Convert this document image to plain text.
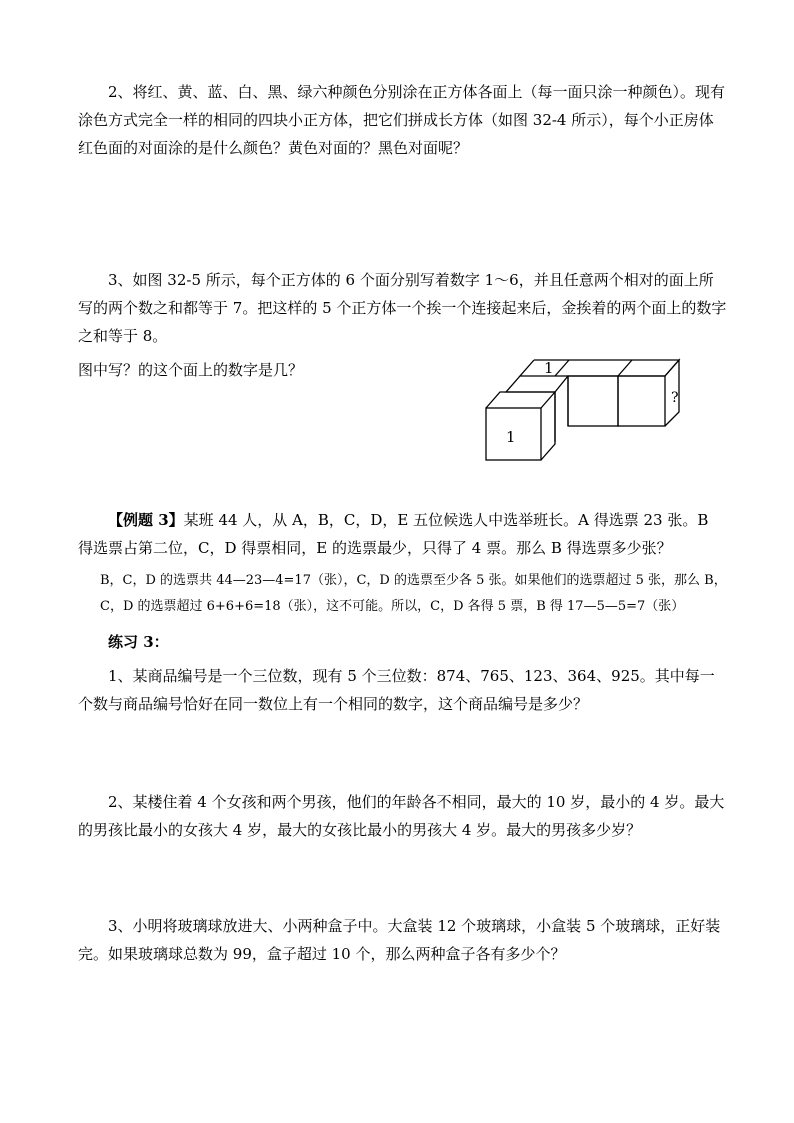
2、将红、黄、蓝、白、黑、绿六种颜色分别涂在正方体各面上（每一面只涂一种颜色）。现有涂色方式完全一样的相同的四块小正方体，把它们拼成长方体（如图 32-4 所示），每个小正房体红色面的对面涂的是什么颜色？黄色对面的？黑色对面呢？

3、如图 32-5 所示，每个正方体的 6 个面分别写着数字 1～6，并且任意两个相对的面上所写的两个数之和都等于 7。把这样的 5 个正方体一个挨一个连接起来后，金挨着的两个面上的数字之和等于 8。

图中写？的这个面上的数字是几？	1
1
?

【例题 3】某班 44 人，从 A，B，C，D，E 五位候选人中选举班长。A 得选票 23 张。B 得选票占第二位，C，D 得票相同，E 的选票最少，只得了 4 票。那么 B 得选票多少张？

B，C，D 的选票共 44—23—4=17（张），C，D 的选票至少各 5 张。如果他们的选票超过 5 张，那么 B，C，D 的选票超过 6+6+6=18（张），这不可能。所以，C，D 各得 5 票，B 得 17—5—5=7（张）

练习 3：

1、某商品编号是一个三位数，现有 5 个三位数：874、765、123、364、925。其中每一个数与商品编号恰好在同一数位上有一个相同的数字，这个商品编号是多少？

2、某楼住着 4 个女孩和两个男孩，他们的年龄各不相同，最大的 10 岁，最小的 4 岁。最大的男孩比最小的女孩大 4 岁，最大的女孩比最小的男孩大 4 岁。最大的男孩多少岁？

3、小明将玻璃球放进大、小两种盒子中。大盒装 12 个玻璃球，小盒装 5 个玻璃球，正好装完。如果玻璃球总数为 99，盒子超过 10 个，那么两种盒子各有多少个？
